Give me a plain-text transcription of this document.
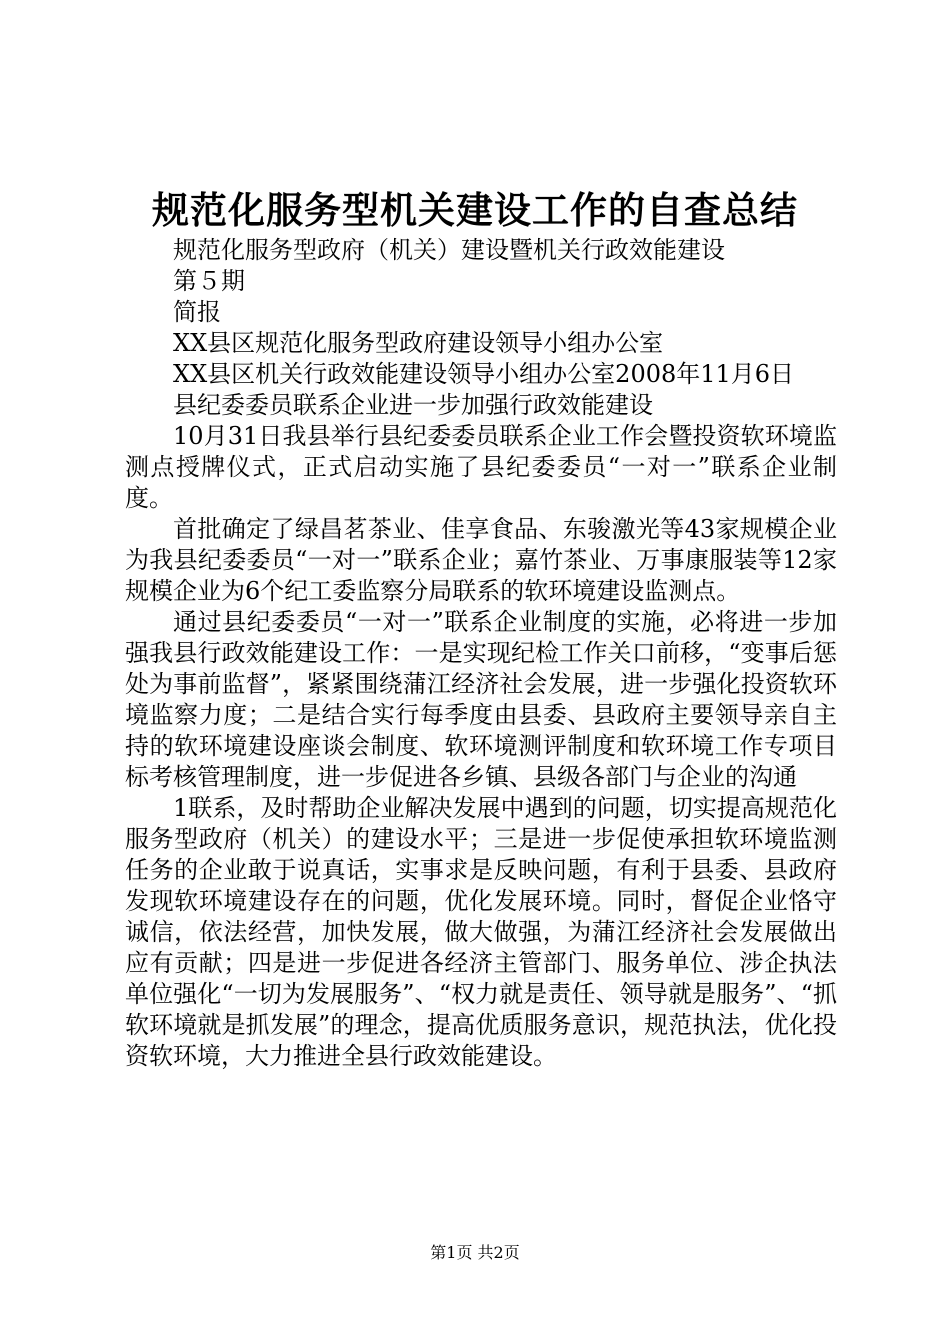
规范化服务型机关建设工作的自查总结

规范化服务型政府（机关）建设暨机关行政效能建设

第５期

简报

XX县区规范化服务型政府建设领导小组办公室

XX县区机关行政效能建设领导小组办公室2008年11月6日

县纪委委员联系企业进一步加强行政效能建设

10月31日我县举行县纪委委员联系企业工作会暨投资软环境监测点授牌仪式，正式启动实施了县纪委委员“一对一”联系企业制度。

首批确定了绿昌茗茶业、佳享食品、东骏激光等43家规模企业为我县纪委委员“一对一”联系企业；嘉竹茶业、万事康服装等12家规模企业为6个纪工委监察分局联系的软环境建设监测点。

通过县纪委委员“一对一”联系企业制度的实施，必将进一步加强我县行政效能建设工作：一是实现纪检工作关口前移，“变事后惩处为事前监督”，紧紧围绕蒲江经济社会发展，进一步强化投资软环境监察力度；二是结合实行每季度由县委、县政府主要领导亲自主持的软环境建设座谈会制度、软环境测评制度和软环境工作专项目标考核管理制度，进一步促进各乡镇、县级各部门与企业的沟通

1联系，及时帮助企业解决发展中遇到的问题，切实提高规范化服务型政府（机关）的建设水平；三是进一步促使承担软环境监测任务的企业敢于说真话，实事求是反映问题，有利于县委、县政府发现软环境建设存在的问题，优化发展环境。同时，督促企业恪守诚信，依法经营，加快发展，做大做强，为蒲江经济社会发展做出应有贡献；四是进一步促进各经济主管部门、服务单位、涉企执法单位强化“一切为发展服务”、“权力就是责任、领导就是服务”、“抓软环境就是抓发展”的理念，提高优质服务意识，规范执法，优化投资软环境，大力推进全县行政效能建设。

第1页 共2页
